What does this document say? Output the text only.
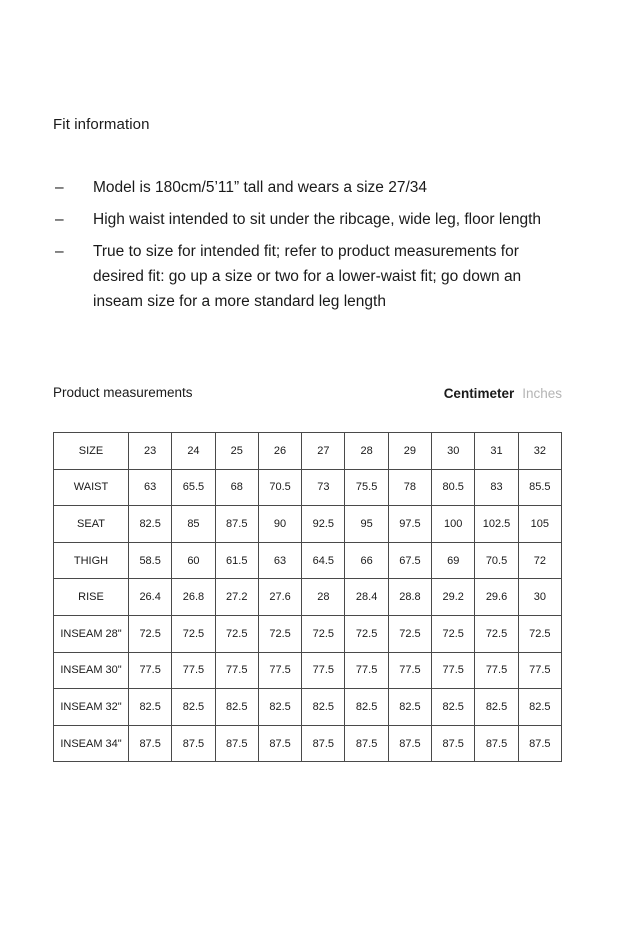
Fit information
–	Model is 180cm/5’11” tall and wears a size 27/34
–	High waist intended to sit under the ribcage, wide leg, floor length
–	True to size for intended fit; refer to product measurements for desired fit: go up a size or two for a lower-waist fit; go down an inseam size for a more standard leg length
Product measurements	Centimeter Inches
SIZE	23	24	25	26	27	28	29	30	31	32
WAIST	63	65.5	68	70.5	73	75.5	78	80.5	83	85.5
SEAT	82.5	85	87.5	90	92.5	95	97.5	100	102.5	105
THIGH	58.5	60	61.5	63	64.5	66	67.5	69	70.5	72
RISE	26.4	26.8	27.2	27.6	28	28.4	28.8	29.2	29.6	30
INSEAM 28"	72.5	72.5	72.5	72.5	72.5	72.5	72.5	72.5	72.5	72.5
INSEAM 30"	77.5	77.5	77.5	77.5	77.5	77.5	77.5	77.5	77.5	77.5
INSEAM 32"	82.5	82.5	82.5	82.5	82.5	82.5	82.5	82.5	82.5	82.5
INSEAM 34"	87.5	87.5	87.5	87.5	87.5	87.5	87.5	87.5	87.5	87.5
